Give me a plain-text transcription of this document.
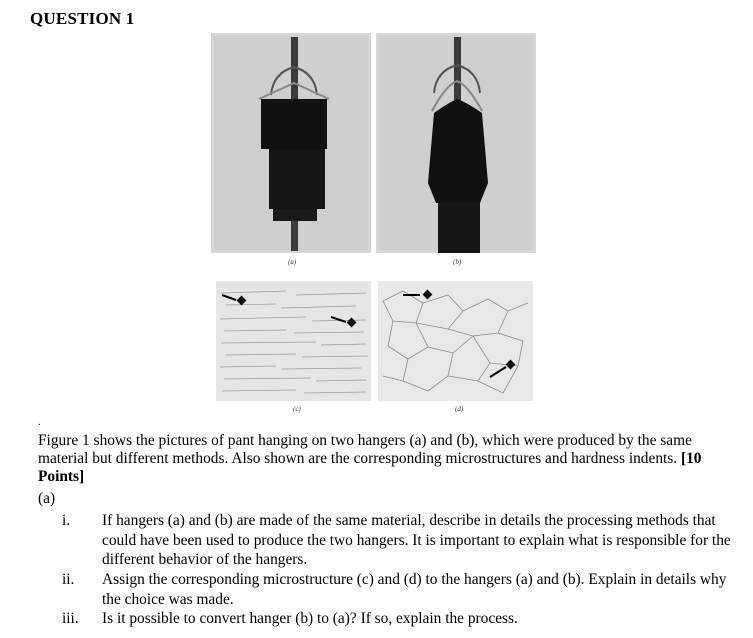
QUESTION 1
(a)	(b)
(c)	(d)
.
Figure 1 shows the pictures of pant hanging on two hangers (a) and (b), which were produced by the same material but different methods. Also shown are the corresponding microstructures and hardness indents. [10 Points]
(a)
i. If hangers (a) and (b) are made of the same material, describe in details the processing methods that could have been used to produce the two hangers. It is important to explain what is responsible for the different behavior of the hangers.
ii. Assign the corresponding microstructure (c) and (d) to the hangers (a) and (b). Explain in details why the choice was made.
iii. Is it possible to convert hanger (b) to (a)? If so, explain the process.
